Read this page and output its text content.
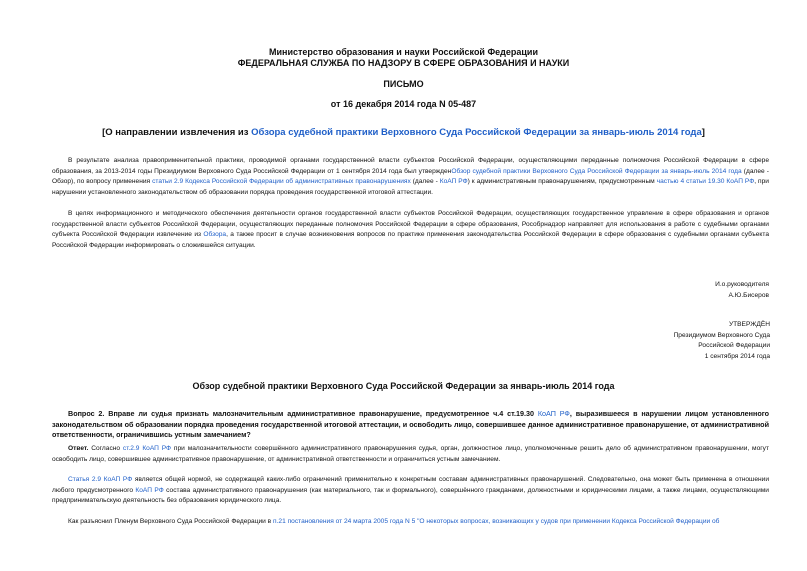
Министерство образования и науки Российской Федерации
ФЕДЕРАЛЬНАЯ СЛУЖБА ПО НАДЗОРУ В СФЕРЕ ОБРАЗОВАНИЯ И НАУКИ
ПИСЬМО
от 16 декабря 2014 года N 05-487
[О направлении извлечения из Обзора судебной практики Верховного Суда Российской Федерации за январь-июль 2014 года]
В результате анализа правоприменительной практики, проводимой органами государственной власти субъектов Российской Федерации, осуществляющими переданные полномочия Российской Федерации в сфере образования, за 2013-2014 годы Президиумом Верховного Суда Российской Федерации от 1 сентября 2014 года был утвержденОбзор судебной практики Верховного Суда Российской Федерации за январь-июль 2014 года (далее - Обзор), по вопросу применения статьи 2.9 Кодекса Российской Федерации об административных правонарушениях (далее - КоАП РФ) к административным правонарушениям, предусмотренным частью 4 статьи 19.30 КоАП РФ, при нарушении установленного законодательством об образовании порядка проведения государственной итоговой аттестации.
В целях информационного и методического обеспечения деятельности органов государственной власти субъектов Российской Федерации, осуществляющих государственное управление в сфере образования и органов государственной власти субъектов Российской Федерации, осуществляющих переданные полномочия Российской Федерации в сфере образования, Рособрнадзор направляет для использования в работе с судебными органами субъекта Российской Федерации извлечение из Обзора, а также просит в случае возникновения вопросов по практике применения законодательства Российской Федерации в сфере образования с судебными органами субъекта Российской Федерации информировать о сложившейся ситуации.
И.о.руководителя
А.Ю.Бисеров
УТВЕРЖДЁН
Президиумом Верховного Суда
Российской Федерации
1 сентября 2014 года
Обзор судебной практики Верховного Суда Российской Федерации за январь-июль 2014 года
Вопрос 2. Вправе ли судья признать малозначительным административное правонарушение, предусмотренное ч.4 ст.19.30 КоАП РФ, выразившееся в нарушении лицом установленного законодательством об образовании порядка проведения государственной итоговой аттестации, и освободить лицо, совершившее данное административное правонарушение, от административной ответственности, ограничившись устным замечанием?
Ответ. Согласно ст.2.9 КоАП РФ при малозначительности совершённого административного правонарушения судья, орган, должностное лицо, уполномоченные решить дело об административном правонарушении, могут освободить лицо, совершившее административное правонарушение, от административной ответственности и ограничиться устным замечанием.
Статья 2.9 КоАП РФ является общей нормой, не содержащей каких-либо ограничений применительно к конкретным составам административных правонарушений. Следовательно, она может быть применена в отношении любого предусмотренного КоАП РФ состава административного правонарушения (как материального, так и формального), совершённого гражданами, должностными и юридическими лицами, а также лицами, осуществляющими предпринимательскую деятельность без образования юридического лица.
Как разъяснил Пленум Верховного Суда Российской Федерации в п.21 постановления от 24 марта 2005 года N 5 "О некоторых вопросах, возникающих у судов при применении Кодекса Российской Федерации об
